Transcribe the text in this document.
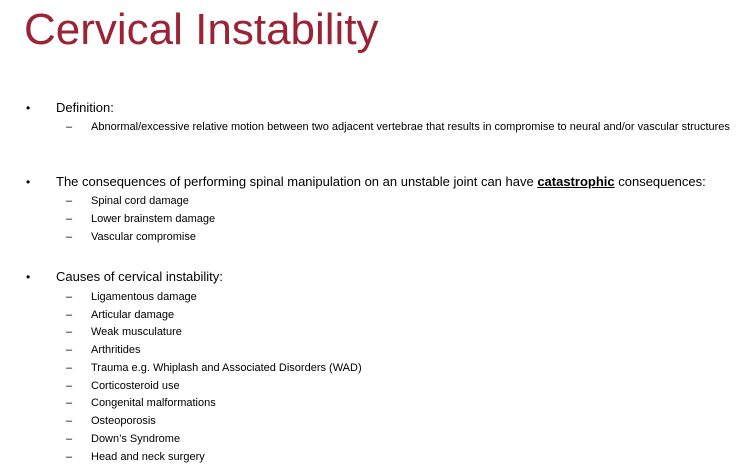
Cervical Instability
• Definition:
– Abnormal/excessive relative motion between two adjacent vertebrae that results in compromise to neural and/or vascular structures
• The consequences of performing spinal manipulation on an unstable joint can have catastrophic consequences:
– Spinal cord damage
– Lower brainstem damage
– Vascular compromise
• Causes of cervical instability:
– Ligamentous damage
– Articular damage
– Weak musculature
– Arthritides
– Trauma e.g. Whiplash and Associated Disorders (WAD)
– Corticosteroid use
– Congenital malformations
– Osteoporosis
– Down’s Syndrome
– Head and neck surgery
